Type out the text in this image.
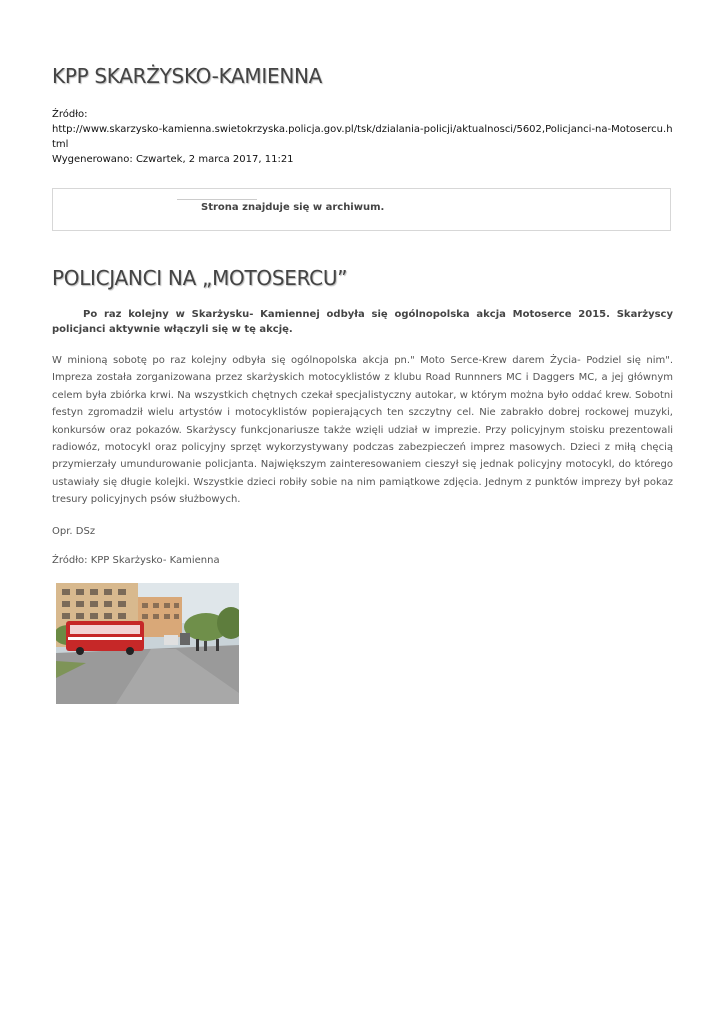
KPP SKARŻYSKO-KAMIENNA
Źródło:
http://www.skarzysko-kamienna.swietokrzyska.policja.gov.pl/tsk/dzialania-policji/aktualnosci/5602,Policjanci-na-Motosercu.html
Wygenerowano: Czwartek, 2 marca 2017, 11:21
Strona znajduje się w archiwum.
POLICJANCI NA „MOTOSERCU”
Po raz kolejny w Skarżysku- Kamiennej odbyła się ogólnopolska akcja Motoserce 2015. Skarżyscy policjanci aktywnie włączyli się w tę akcję.
W minioną sobotę po raz kolejny odbyła się ogólnopolska akcja pn." Moto Serce-Krew darem Życia- Podziel się nim". Impreza została zorganizowana przez skarżyskich motocyklistów z klubu Road Runnners MC i Daggers MC, a jej głównym celem była zbiórka krwi. Na wszystkich chętnych czekał specjalistyczny autokar, w którym można było oddać krew. Sobotni festyn zgromadził wielu artystów i motocyklistów popierających ten szczytny cel. Nie zabrakło dobrej rockowej muzyki, konkursów oraz pokazów. Skarżyscy funkcjonariusze także wzięli udział w imprezie. Przy policyjnym stoisku prezentowali radiowóz, motocykl oraz policyjny sprzęt wykorzystywany podczas zabezpieczeń imprez masowych. Dzieci z miłą chęcią przymierzały umundurowanie policjanta. Największym zainteresowaniem cieszył się jednak policyjny motocykl, do którego ustawiały się długie kolejki. Wszystkie dzieci robiły sobie na nim pamiątkowe zdjęcia. Jednym z punktów imprezy był pokaz tresury policyjnych psów służbowych.
Opr. DSz
Źródło: KPP Skarżysko- Kamienna
